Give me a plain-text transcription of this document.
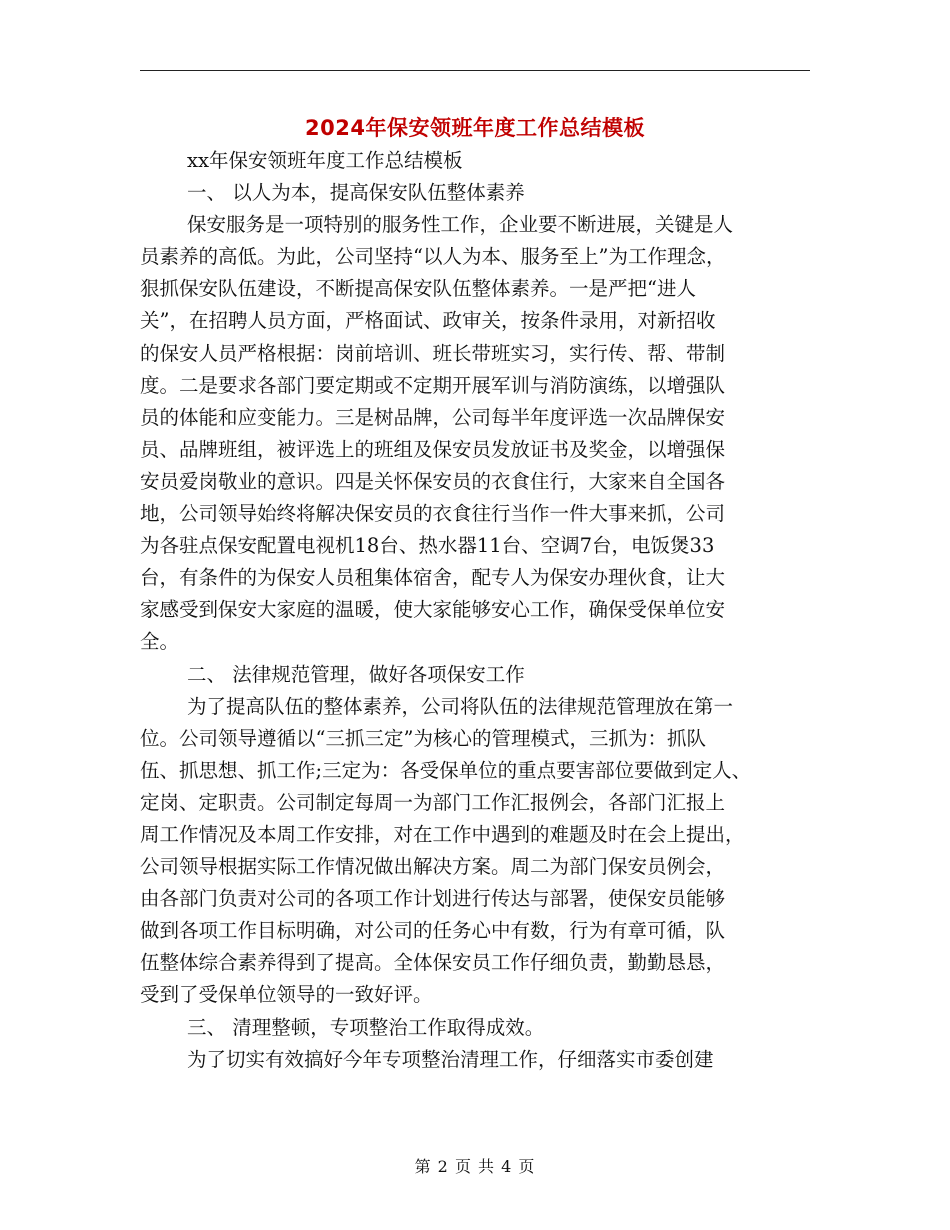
2024年保安领班年度工作总结模板
xx年保安领班年度工作总结模板
一、 以人为本，提高保安队伍整体素养
保安服务是一项特别的服务性工作，企业要不断进展，关键是人
员素养的高低。为此，公司坚持“以人为本、服务至上”为工作理念，
狠抓保安队伍建设，不断提高保安队伍整体素养。一是严把“进人
关”，在招聘人员方面，严格面试、政审关，按条件录用，对新招收
的保安人员严格根据：岗前培训、班长带班实习，实行传、帮、带制
度。二是要求各部门要定期或不定期开展军训与消防演练，以增强队
员的体能和应变能力。三是树品牌，公司每半年度评选一次品牌保安
员、品牌班组，被评选上的班组及保安员发放证书及奖金，以增强保
安员爱岗敬业的意识。四是关怀保安员的衣食住行，大家来自全国各
地，公司领导始终将解决保安员的衣食往行当作一件大事来抓，公司
为各驻点保安配置电视机18台、热水器11台、空调7台，电饭煲33
台，有条件的为保安人员租集体宿舍，配专人为保安办理伙食，让大
家感受到保安大家庭的温暖，使大家能够安心工作，确保受保单位安
全。
二、 法律规范管理，做好各项保安工作
为了提高队伍的整体素养，公司将队伍的法律规范管理放在第一
位。公司领导遵循以“三抓三定”为核心的管理模式，三抓为：抓队
伍、抓思想、抓工作;三定为：各受保单位的重点要害部位要做到定人、
定岗、定职责。公司制定每周一为部门工作汇报例会，各部门汇报上
周工作情况及本周工作安排，对在工作中遇到的难题及时在会上提出，
公司领导根据实际工作情况做出解决方案。周二为部门保安员例会，
由各部门负责对公司的各项工作计划进行传达与部署，使保安员能够
做到各项工作目标明确，对公司的任务心中有数，行为有章可循，队
伍整体综合素养得到了提高。全体保安员工作仔细负责，勤勤恳恳，
受到了受保单位领导的一致好评。
三、 清理整顿，专项整治工作取得成效。
为了切实有效搞好今年专项整治清理工作，仔细落实市委创建
第 2 页 共 4 页
